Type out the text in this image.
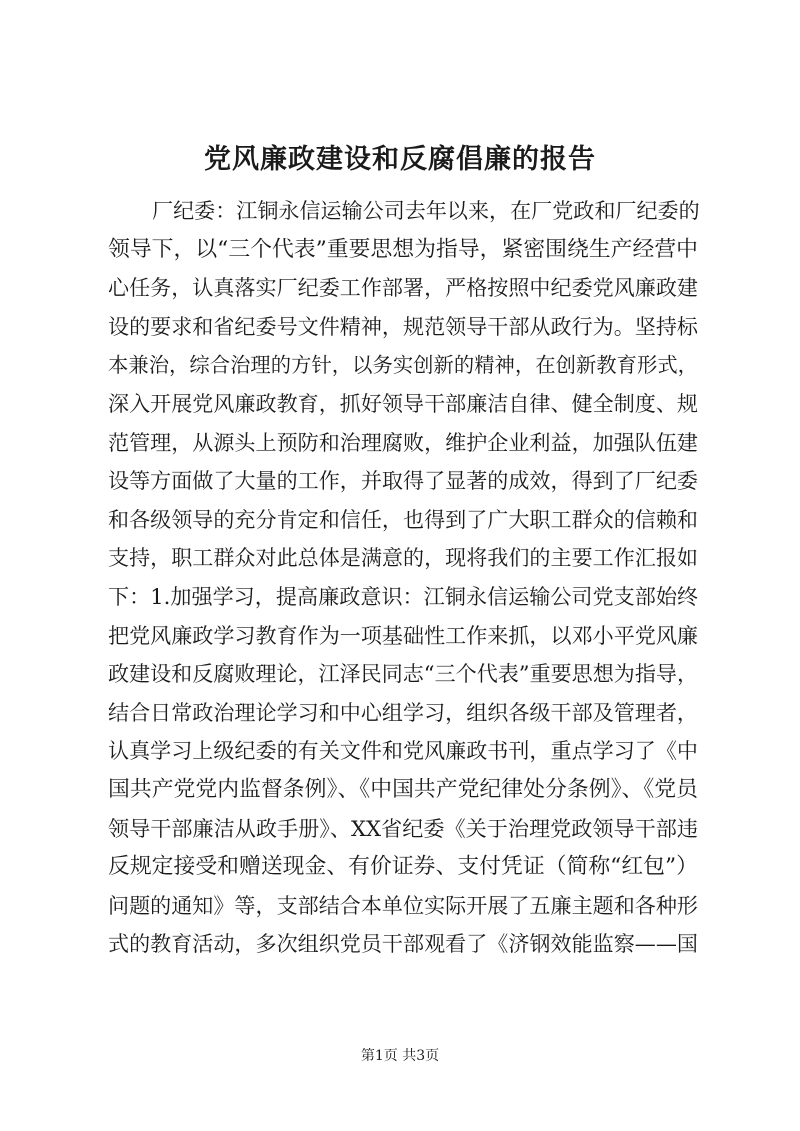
党风廉政建设和反腐倡廉的报告
厂纪委：江铜永信运输公司去年以来，在厂党政和厂纪委的
领导下，以“三个代表”重要思想为指导，紧密围绕生产经营中
心任务，认真落实厂纪委工作部署，严格按照中纪委党风廉政建
设的要求和省纪委号文件精神，规范领导干部从政行为。坚持标
本兼治，综合治理的方针，以务实创新的精神，在创新教育形式，
深入开展党风廉政教育，抓好领导干部廉洁自律、健全制度、规
范管理，从源头上预防和治理腐败，维护企业利益，加强队伍建
设等方面做了大量的工作，并取得了显著的成效，得到了厂纪委
和各级领导的充分肯定和信任，也得到了广大职工群众的信赖和
支持，职工群众对此总体是满意的，现将我们的主要工作汇报如
下：1.加强学习，提高廉政意识：江铜永信运输公司党支部始终
把党风廉政学习教育作为一项基础性工作来抓，以邓小平党风廉
政建设和反腐败理论，江泽民同志“三个代表”重要思想为指导，
结合日常政治理论学习和中心组学习，组织各级干部及管理者，
认真学习上级纪委的有关文件和党风廉政书刊，重点学习了《中
国共产党党内监督条例》、《中国共产党纪律处分条例》、《党员
领导干部廉洁从政手册》、XX省纪委《关于治理党政领导干部违
反规定接受和赠送现金、有价证券、支付凭证（简称“红包”）
问题的通知》等，支部结合本单位实际开展了五廉主题和各种形
式的教育活动，多次组织党员干部观看了《济钢效能监察——国
第1页 共3页
